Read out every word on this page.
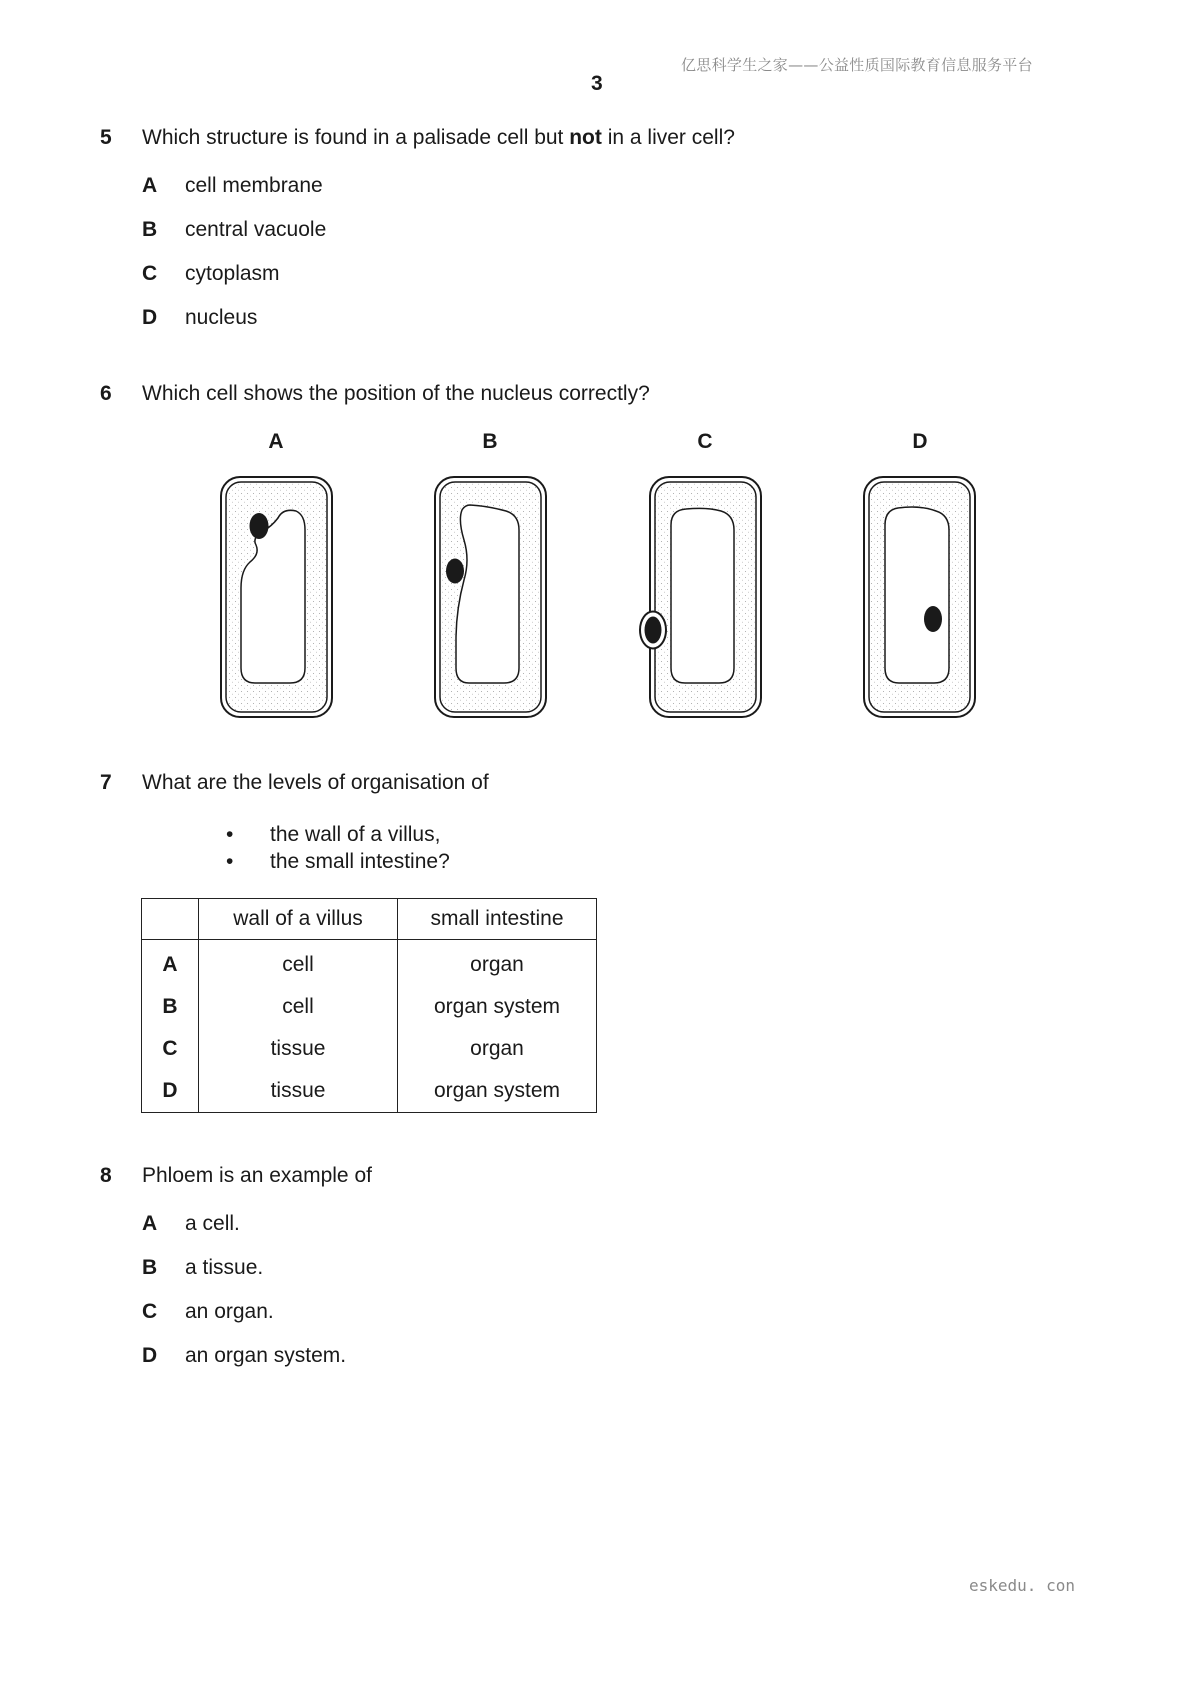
亿思科学生之家——公益性质国际教育信息服务平台
3
5 Which structure is found in a palisade cell but not in a liver cell?
A cell membrane
B central vacuole
C cytoplasm
D nucleus
6 Which cell shows the position of the nucleus correctly?
A	B	C	D
7 What are the levels of organisation of
• the wall of a villus,
• the small intestine?
	wall of a villus	small intestine
A	cell	organ
B	cell	organ system
C	tissue	organ
D	tissue	organ system
8 Phloem is an example of
A a cell.
B a tissue.
C an organ.
D an organ system.
eskedu. con
